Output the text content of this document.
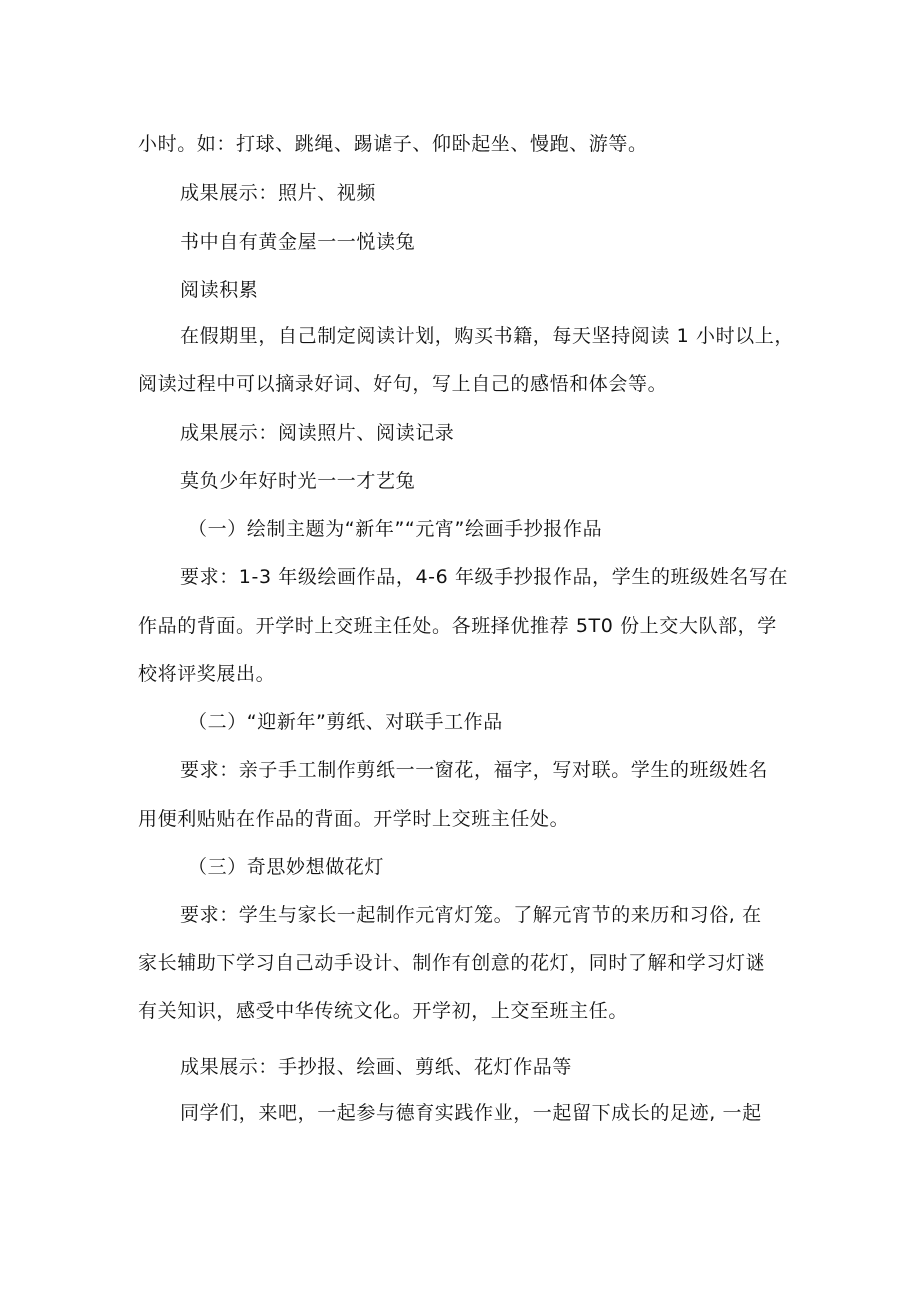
小时。如：打球、跳绳、踢谑子、仰卧起坐、慢跑、游等。

成果展示：照片、视频

书中自有黄金屋一一悦读兔

阅读积累

在假期里，自己制定阅读计划，购买书籍，每天坚持阅读 1 小时以上，

阅读过程中可以摘录好词、好句，写上自己的感悟和体会等。

成果展示：阅读照片、阅读记录

莫负少年好时光一一才艺兔

（一）绘制主题为“新年”“元宵”绘画手抄报作品

要求：1-3 年级绘画作品，4-6 年级手抄报作品，学生的班级姓名写在

作品的背面。开学时上交班主任处。各班择优推荐 5T0 份上交大队部，学

校将评奖展出。

（二）“迎新年”剪纸、对联手工作品

要求：亲子手工制作剪纸一一窗花，福字，写对联。学生的班级姓名

用便利贴贴在作品的背面。开学时上交班主任处。

（三）奇思妙想做花灯

要求：学生与家长一起制作元宵灯笼。了解元宵节的来历和习俗, 在

家长辅助下学习自己动手设计、制作有创意的花灯，同时了解和学习灯谜

有关知识，感受中华传统文化。开学初，上交至班主任。

成果展示：手抄报、绘画、剪纸、花灯作品等

同学们，来吧，一起参与德育实践作业，一起留下成长的足迹, 一起
